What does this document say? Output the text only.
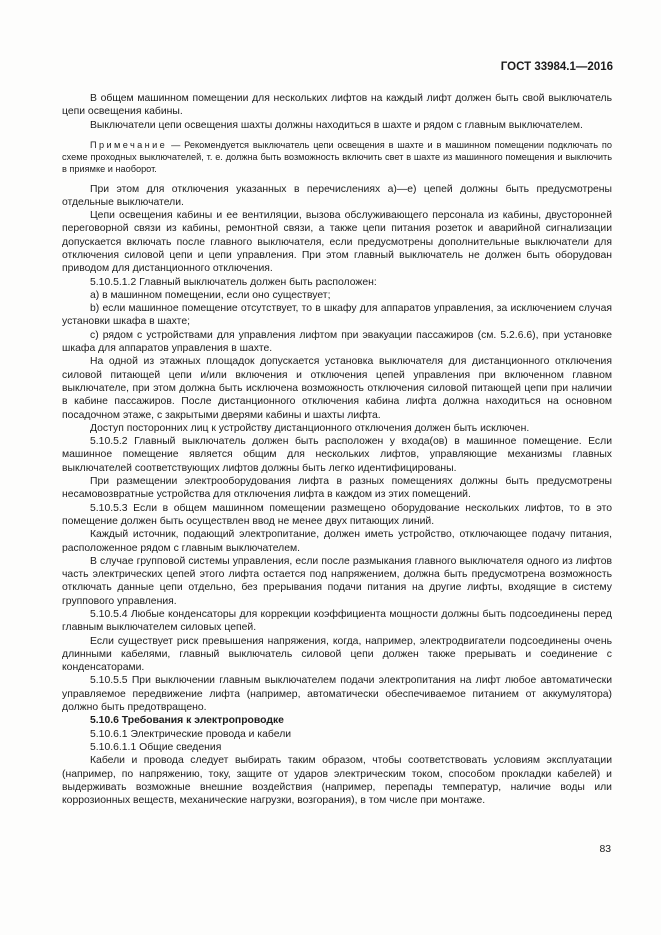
ГОСТ 33984.1—2016

В общем машинном помещении для нескольких лифтов на каждый лифт должен быть свой выключатель цепи освещения кабины.

Выключатели цепи освещения шахты должны находиться в шахте и рядом с главным выключателем.

Примечание — Рекомендуется выключатель цепи освещения в шахте и в машинном помещении подключать по схеме проходных выключателей, т. е. должна быть возможность включить свет в шахте из машинного помещения и выключить в приямке и наоборот.

При этом для отключения указанных в перечислениях а)—е) цепей должны быть предусмотрены отдельные выключатели.

Цепи освещения кабины и ее вентиляции, вызова обслуживающего персонала из кабины, двусторонней переговорной связи из кабины, ремонтной связи, а также цепи питания розеток и аварийной сигнализации допускается включать после главного выключателя, если предусмотрены дополнительные выключатели для отключения силовой цепи и цепи управления. При этом главный выключатель не должен быть оборудован приводом для дистанционного отключения.

5.10.5.1.2 Главный выключатель должен быть расположен:

a) в машинном помещении, если оно существует;

b) если машинное помещение отсутствует, то в шкафу для аппаратов управления, за исключением случая установки шкафа в шахте;

c) рядом с устройствами для управления лифтом при эвакуации пассажиров (см. 5.2.6.6), при установке шкафа для аппаратов управления в шахте.

На одной из этажных площадок допускается установка выключателя для дистанционного отключения силовой питающей цепи и/или включения и отключения цепей управления при включенном главном выключателе, при этом должна быть исключена возможность отключения силовой питающей цепи при наличии в кабине пассажиров. После дистанционного отключения кабина лифта должна находиться на основном посадочном этаже, с закрытыми дверями кабины и шахты лифта.

Доступ посторонних лиц к устройству дистанционного отключения должен быть исключен.

5.10.5.2 Главный выключатель должен быть расположен у входа(ов) в машинное помещение. Если машинное помещение является общим для нескольких лифтов, управляющие механизмы главных выключателей соответствующих лифтов должны быть легко идентифицированы.

При размещении электрооборудования лифта в разных помещениях должны быть предусмотрены несамовозвратные устройства для отключения лифта в каждом из этих помещений.

5.10.5.3 Если в общем машинном помещении размещено оборудование нескольких лифтов, то в это помещение должен быть осуществлен ввод не менее двух питающих линий.

Каждый источник, подающий электропитание, должен иметь устройство, отключающее подачу питания, расположенное рядом с главным выключателем.

В случае групповой системы управления, если после размыкания главного выключателя одного из лифтов часть электрических цепей этого лифта остается под напряжением, должна быть предусмотрена возможность отключать данные цепи отдельно, без прерывания подачи питания на другие лифты, входящие в систему группового управления.

5.10.5.4 Любые конденсаторы для коррекции коэффициента мощности должны быть подсоединены перед главным выключателем силовых цепей.

Если существует риск превышения напряжения, когда, например, электродвигатели подсоединены очень длинными кабелями, главный выключатель силовой цепи должен также прерывать и соединение с конденсаторами.

5.10.5.5 При выключении главным выключателем подачи электропитания на лифт любое автоматически управляемое передвижение лифта (например, автоматически обеспечиваемое питанием от аккумулятора) должно быть предотвращено.

5.10.6 Требования к электропроводке

5.10.6.1 Электрические провода и кабели

5.10.6.1.1 Общие сведения

Кабели и провода следует выбирать таким образом, чтобы соответствовать условиям эксплуатации (например, по напряжению, току, защите от ударов электрическим током, способом прокладки кабелей) и выдерживать возможные внешние воздействия (например, перепады температур, наличие воды или коррозионных веществ, механические нагрузки, возгорания), в том числе при монтаже.

83
